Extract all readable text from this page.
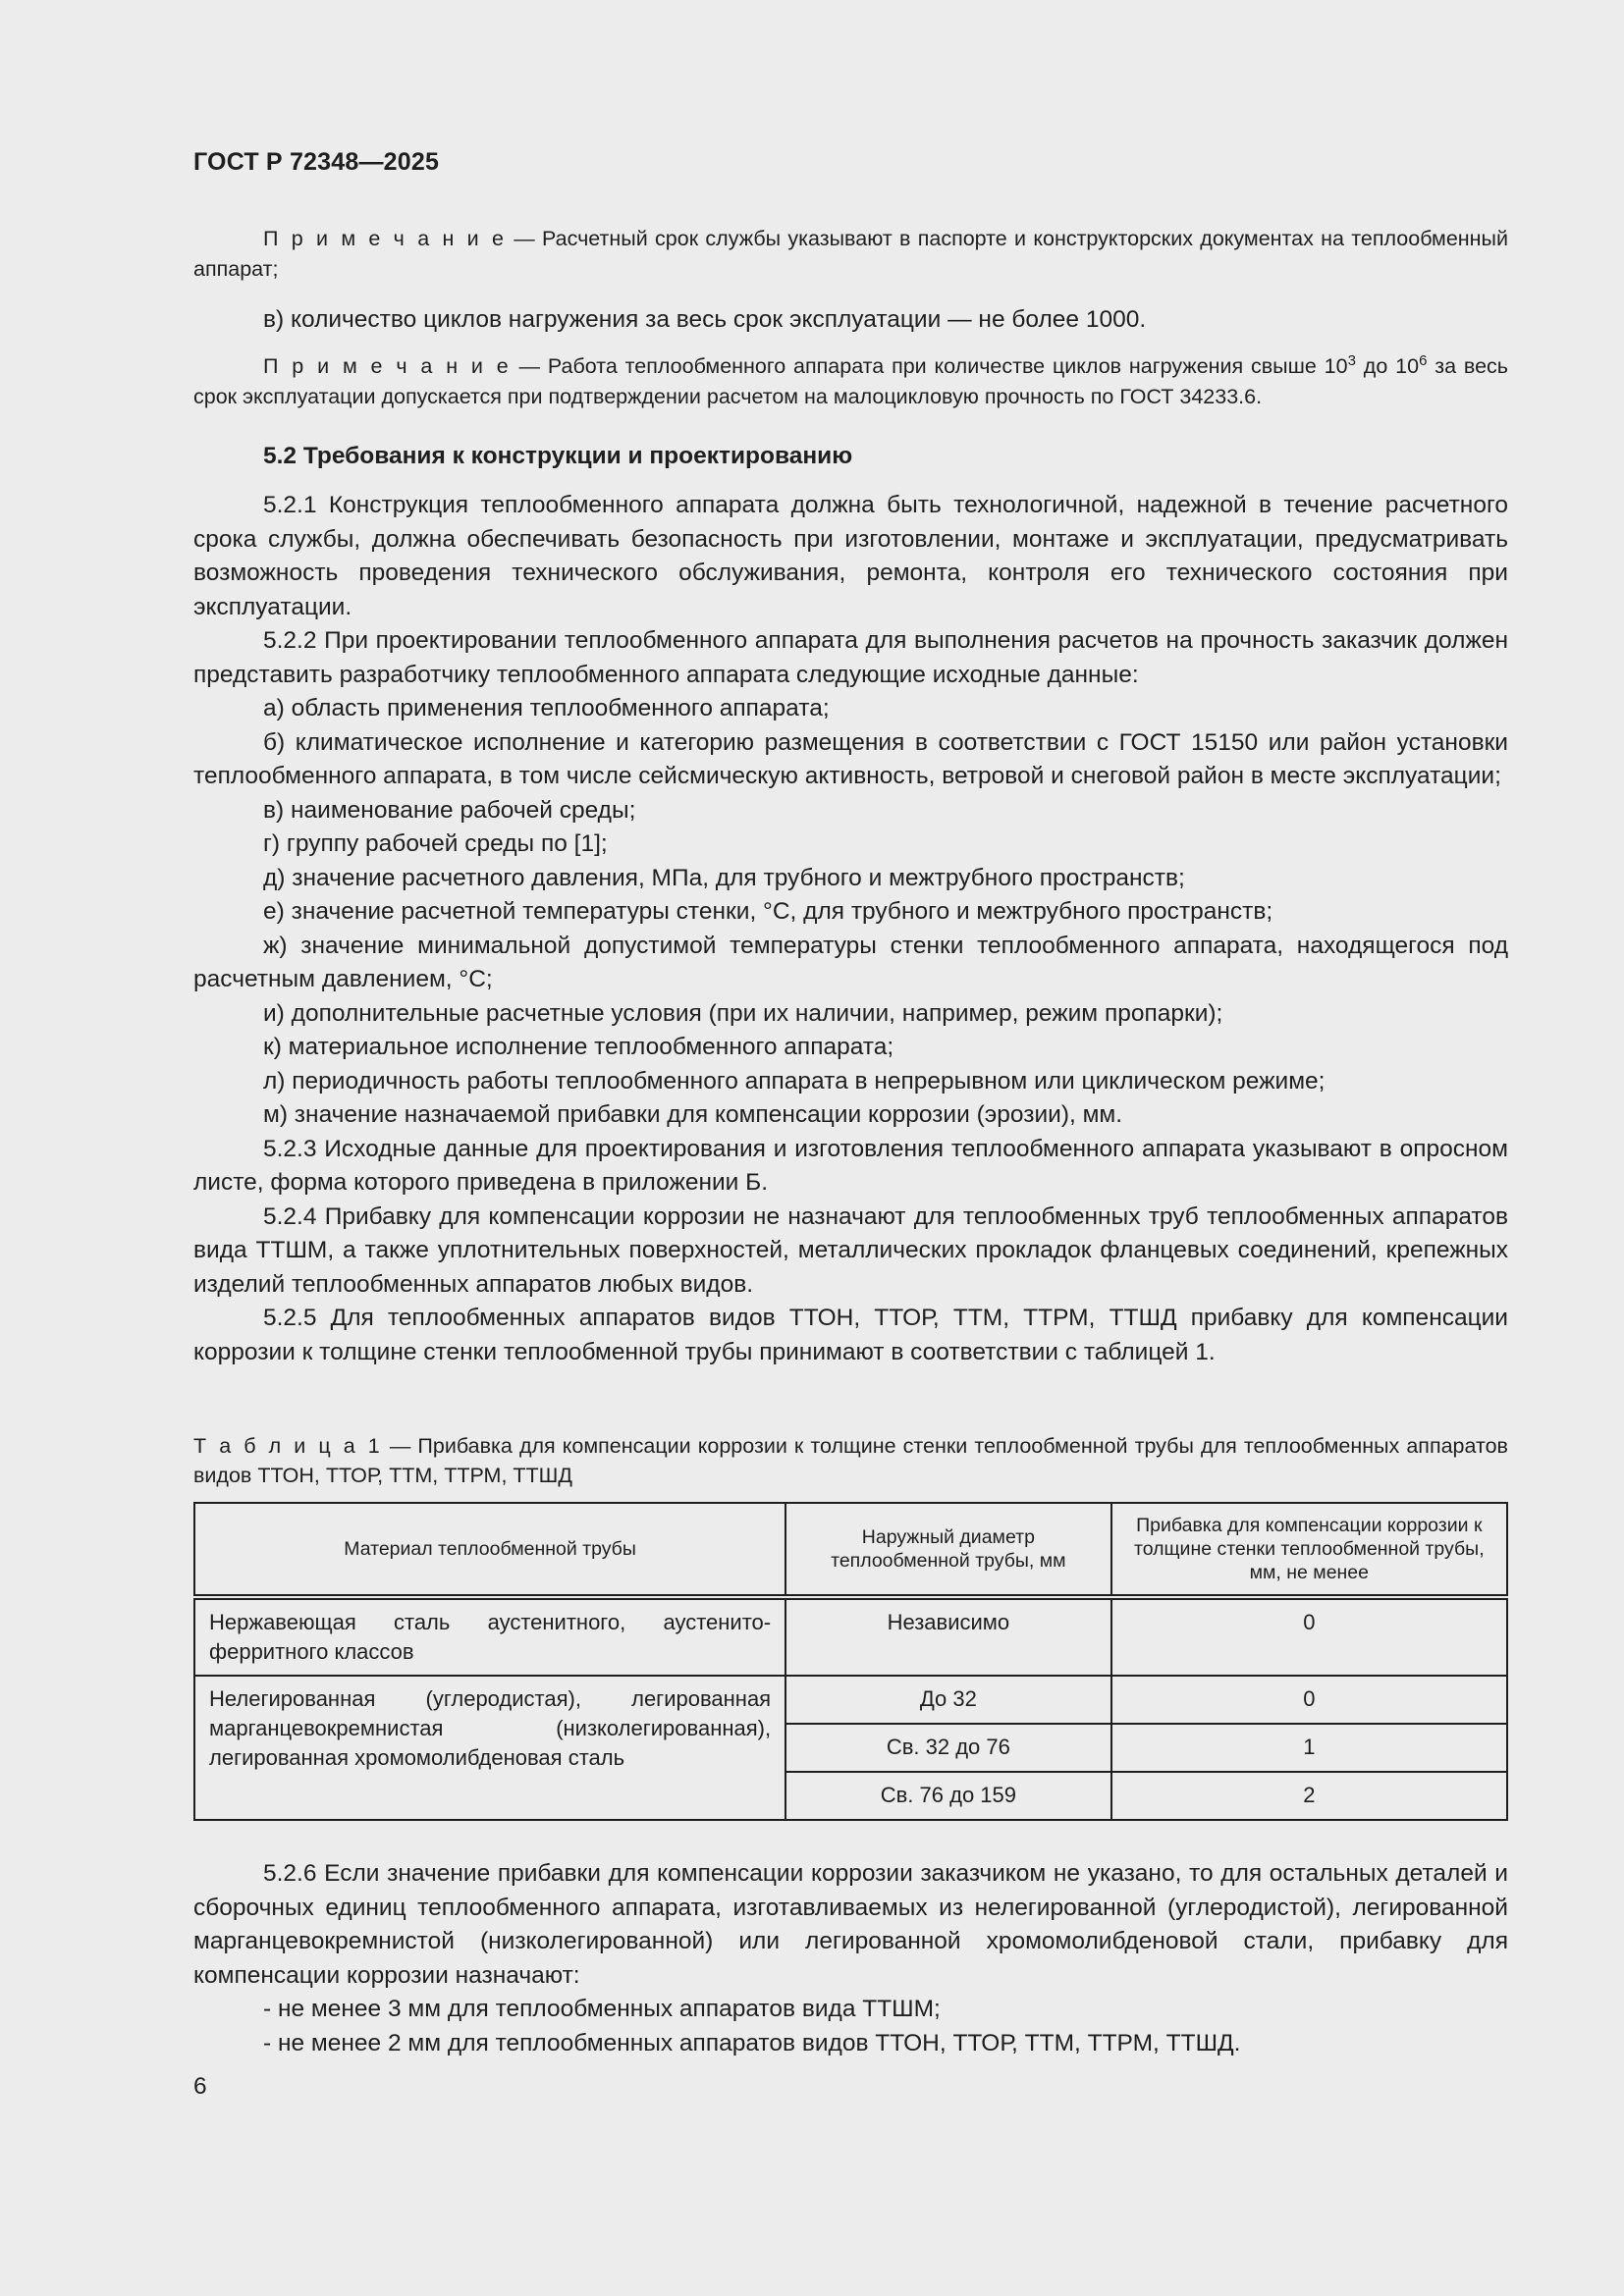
ГОСТ Р 72348—2025

П р и м е ч а н и е — Расчетный срок службы указывают в паспорте и конструкторских документах на теплообменный аппарат;

в) количество циклов нагружения за весь срок эксплуатации — не более 1000.

П р и м е ч а н и е — Работа теплообменного аппарата при количестве циклов нагружения свыше $10^3$ до $10^6$ за весь срок эксплуатации допускается при подтверждении расчетом на малоцикловую прочность по ГОСТ 34233.6.

5.2 Требования к конструкции и проектированию

5.2.1 Конструкция теплообменного аппарата должна быть технологичной, надежной в течение расчетного срока службы, должна обеспечивать безопасность при изготовлении, монтаже и эксплуатации, предусматривать возможность проведения технического обслуживания, ремонта, контроля его технического состояния при эксплуатации.

5.2.2 При проектировании теплообменного аппарата для выполнения расчетов на прочность заказчик должен представить разработчику теплообменного аппарата следующие исходные данные:

а) область применения теплообменного аппарата;

б) климатическое исполнение и категорию размещения в соответствии с ГОСТ 15150 или район установки теплообменного аппарата, в том числе сейсмическую активность, ветровой и снеговой район в месте эксплуатации;

в) наименование рабочей среды;

г) группу рабочей среды по [1];

д) значение расчетного давления, МПа, для трубного и межтрубного пространств;

е) значение расчетной температуры стенки, °С, для трубного и межтрубного пространств;

ж) значение минимальной допустимой температуры стенки теплообменного аппарата, находящегося под расчетным давлением, °С;

и) дополнительные расчетные условия (при их наличии, например, режим пропарки);

к) материальное исполнение теплообменного аппарата;

л) периодичность работы теплообменного аппарата в непрерывном или циклическом режиме;

м) значение назначаемой прибавки для компенсации коррозии (эрозии), мм.

5.2.3 Исходные данные для проектирования и изготовления теплообменного аппарата указывают в опросном листе, форма которого приведена в приложении Б.

5.2.4 Прибавку для компенсации коррозии не назначают для теплообменных труб теплообменных аппаратов вида ТТШМ, а также уплотнительных поверхностей, металлических прокладок фланцевых соединений, крепежных изделий теплообменных аппаратов любых видов.

5.2.5 Для теплообменных аппаратов видов ТТОН, ТТОР, ТТМ, ТТРМ, ТТШД прибавку для компенсации коррозии к толщине стенки теплообменной трубы принимают в соответствии с таблицей 1.

Т а б л и ц а 1 — Прибавка для компенсации коррозии к толщине стенки теплообменной трубы для теплообменных аппаратов видов ТТОН, ТТОР, ТТМ, ТТРМ, ТТШД

Материал теплообменной трубы	Наружный диаметр теплообменной трубы, мм	Прибавка для компенсации коррозии к толщине стенки теплообменной трубы, мм, не менее
Нержавеющая сталь аустенитного, аустенито-ферритного классов	Независимо	0
Нелегированная (углеродистая), легированная марганцевокремнистая (низколегированная), легированная хромомолибденовая сталь	До 32	0
	Св. 32 до 76	1
	Св. 76 до 159	2

5.2.6 Если значение прибавки для компенсации коррозии заказчиком не указано, то для остальных деталей и сборочных единиц теплообменного аппарата, изготавливаемых из нелегированной (углеродистой), легированной марганцевокремнистой (низколегированной) или легированной хромомолибденовой стали, прибавку для компенсации коррозии назначают:

- не менее 3 мм для теплообменных аппаратов вида ТТШМ;

- не менее 2 мм для теплообменных аппаратов видов ТТОН, ТТОР, ТТМ, ТТРМ, ТТШД.

6
